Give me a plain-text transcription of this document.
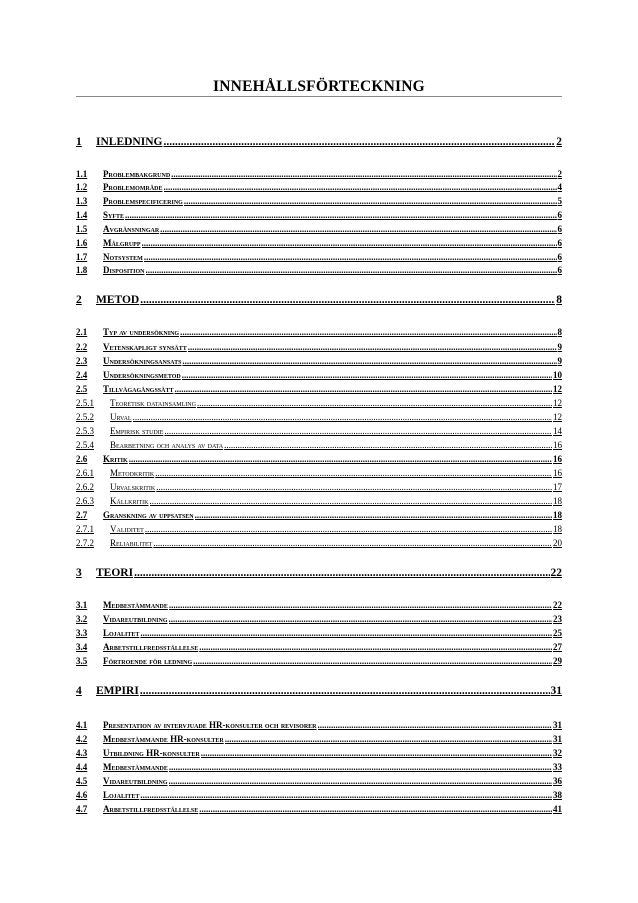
INNEHÅLLSFÖRTECKNING
1	INLEDNING .....	2
1.1	Problembakgrund .....	2
1.2	Problemområde .....	4
1.3	Problemspecificering .....	5
1.4	Syfte .....	6
1.5	Avgränsningar .....	6
1.6	Målgrupp .....	6
1.7	Notsystem .....	6
1.8	Disposition .....	6
2	METOD .....	8
2.1	Typ av undersökning .....	8
2.2	Vetenskapligt synsätt .....	9
2.3	Undersökningsansats .....	9
2.4	Undersökningsmetod .....	10
2.5	Tillvägagångssätt .....	12
2.5.1	Teoretisk datainsamling .....	12
2.5.2	Urval .....	12
2.5.3	Empirisk studie .....	14
2.5.4	Bearbetning och analys av data .....	16
2.6	Kritik .....	16
2.6.1	Metodkritik .....	16
2.6.2	Urvalskritik .....	17
2.6.3	Källkritik .....	18
2.7	Granskning av uppsatsen .....	18
2.7.1	Validitet .....	18
2.7.2	Reliabilitet .....	20
3	TEORI .....	22
3.1	Medbestämmande .....	22
3.2	Vidareutbildning .....	23
3.3	Lojalitet .....	25
3.4	Arbetstillfredsställelse .....	27
3.5	Förtroende för ledning .....	29
4	EMPIRI .....	31
4.1	Presentation av intervjuade HR-konsulter och revisorer .....	31
4.2	Medbestämmande HR-konsulter .....	31
4.3	Utbildning HR-konsulter .....	32
4.4	Medbestämmande .....	33
4.5	Vidareutbildning .....	36
4.6	Lojalitet .....	38
4.7	Arbetstillfredsställelse .....	41
